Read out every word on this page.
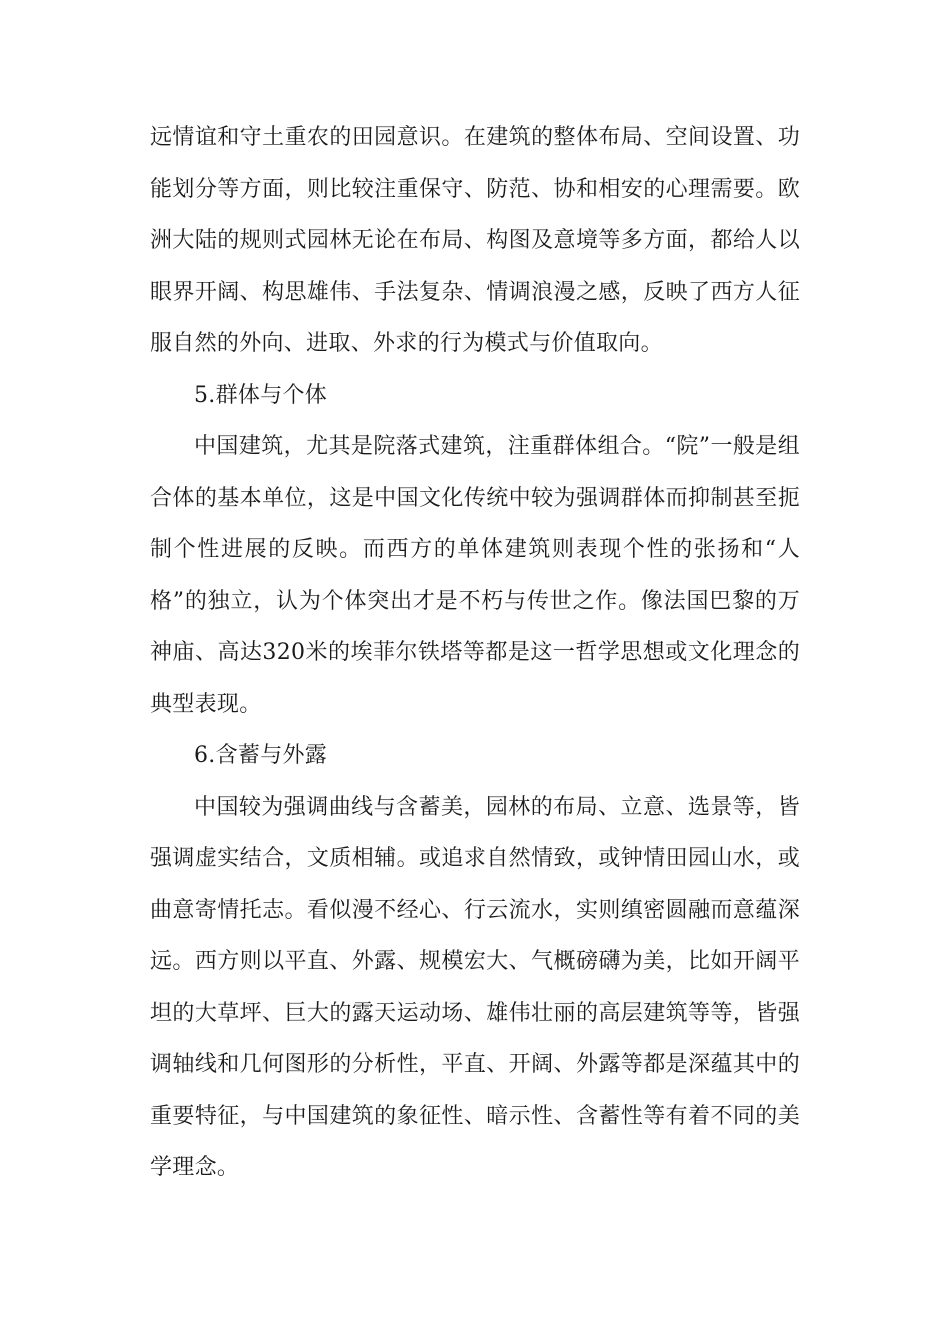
远情谊和守土重农的田园意识。在建筑的整体布局、空间设置、功能划分等方面，则比较注重保守、防范、协和相安的心理需要。欧洲大陆的规则式园林无论在布局、构图及意境等多方面，都给人以眼界开阔、构思雄伟、手法复杂、情调浪漫之感，反映了西方人征服自然的外向、进取、外求的行为模式与价值取向。

5.群体与个体

中国建筑，尤其是院落式建筑，注重群体组合。“院”一般是组合体的基本单位，这是中国文化传统中较为强调群体而抑制甚至扼制个性进展的反映。而西方的单体建筑则表现个性的张扬和“人格”的独立，认为个体突出才是不朽与传世之作。像法国巴黎的万神庙、高达320米的埃菲尔铁塔等都是这一哲学思想或文化理念的典型表现。

6.含蓄与外露

中国较为强调曲线与含蓄美，园林的布局、立意、选景等，皆强调虚实结合，文质相辅。或追求自然情致，或钟情田园山水，或曲意寄情托志。看似漫不经心、行云流水，实则缜密圆融而意蕴深远。西方则以平直、外露、规模宏大、气概磅礴为美，比如开阔平坦的大草坪、巨大的露天运动场、雄伟壮丽的高层建筑等等，皆强调轴线和几何图形的分析性，平直、开阔、外露等都是深蕴其中的重要特征，与中国建筑的象征性、暗示性、含蓄性等有着不同的美学理念。
